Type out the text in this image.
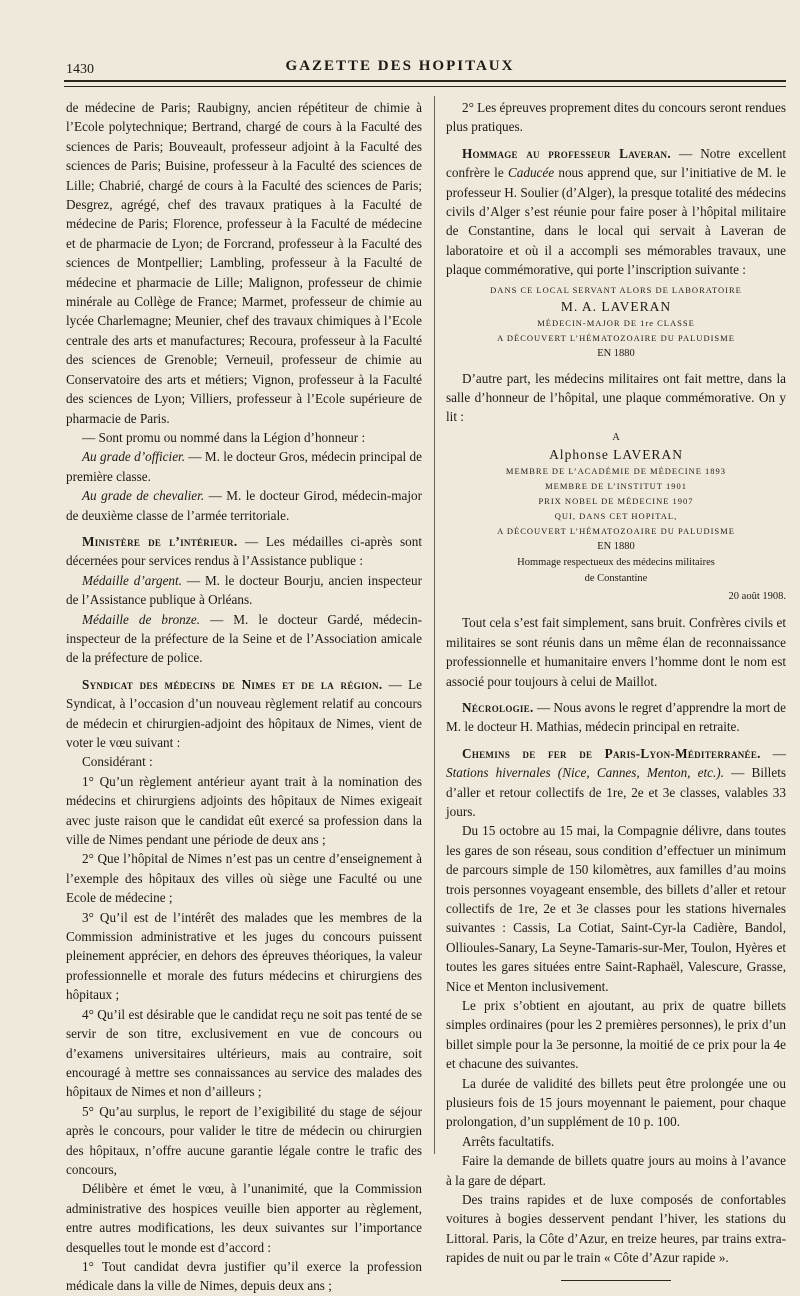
1430	GAZETTE DES HOPITAUX

de médecine de Paris; Raubigny, ancien répétiteur de chimie à l’Ecole polytechnique; Bertrand, chargé de cours à la Faculté des sciences de Paris; Bouveault, professeur adjoint à la Faculté des sciences de Paris; Buisine, professeur à la Faculté des sciences de Lille; Chabrié, chargé de cours à la Faculté des sciences de Paris; Desgrez, agrégé, chef des travaux pratiques à la Faculté de médecine de Paris; Florence, professeur à la Faculté de médecine et de pharmacie de Lyon; de Forcrand, professeur à la Faculté des sciences de Montpellier; Lambling, professeur à la Faculté de médecine et pharmacie de Lille; Malignon, professeur de chimie minérale au Collège de France; Marmet, professeur de chimie au lycée Charlemagne; Meunier, chef des travaux chimiques à l’Ecole centrale des arts et manufactures; Recoura, professeur à la Faculté des sciences de Grenoble; Verneuil, professeur de chimie au Conservatoire des arts et métiers; Vignon, professeur à la Faculté des sciences de Lyon; Villiers, professeur à l’Ecole supérieure de pharmacie de Paris.

— Sont promu ou nommé dans la Légion d’honneur :

Au grade d’officier. — M. le docteur Gros, médecin principal de première classe.

Au grade de chevalier. — M. le docteur Girod, médecin-major de deuxième classe de l’armée territoriale.

Ministère de l’intérieur. — Les médailles ci-après sont décernées pour services rendus à l’Assistance publique :

Médaille d’argent. — M. le docteur Bourju, ancien inspecteur de l’Assistance publique à Orléans.

Médaille de bronze. — M. le docteur Gardé, médecin-inspecteur de la préfecture de la Seine et de l’Association amicale de la préfecture de police.

Syndicat des médecins de Nimes et de la région. — Le Syndicat, à l’occasion d’un nouveau règlement relatif au concours de médecin et chirurgien-adjoint des hôpitaux de Nimes, vient de voter le vœu suivant :

Considérant :

1° Qu’un règlement antérieur ayant trait à la nomination des médecins et chirurgiens adjoints des hôpitaux de Nimes exigeait avec juste raison que le candidat eût exercé sa profession dans la ville de Nimes pendant une période de deux ans ;

2° Que l’hôpital de Nimes n’est pas un centre d’enseignement à l’exemple des hôpitaux des villes où siège une Faculté ou une Ecole de médecine ;

3° Qu’il est de l’intérêt des malades que les membres de la Commission administrative et les juges du concours puissent pleinement apprécier, en dehors des épreuves théoriques, la valeur professionnelle et morale des futurs médecins et chirurgiens des hôpitaux ;

4° Qu’il est désirable que le candidat reçu ne soit pas tenté de se servir de son titre, exclusivement en vue de concours ou d’examens universitaires ultérieurs, mais au contraire, soit encouragé à mettre ses connaissances au service des malades des hôpitaux de Nimes et non d’ailleurs ;

5° Qu’au surplus, le report de l’exigibilité du stage de séjour après le concours, pour valider le titre de médecin ou chirurgien des hôpitaux, n’offre aucune garantie légale contre le trafic des concours,

Délibère et émet le vœu, à l’unanimité, que la Commission administrative des hospices veuille bien apporter au règlement, entre autres modifications, les deux suivantes sur l’importance desquelles tout le monde est d’accord :

1° Tout candidat devra justifier qu’il exerce la profession médicale dans la ville de Nimes, depuis deux ans ;

2° Les épreuves proprement dites du concours seront rendues plus pratiques.

Hommage au professeur Laveran. — Notre excellent confrère le Caducée nous apprend que, sur l’initiative de M. le professeur H. Soulier (d’Alger), la presque totalité des médecins civils d’Alger s’est réunie pour faire poser à l’hôpital militaire de Constantine, dans le local qui servait à Laveran de laboratoire et où il a accompli ses mémorables travaux, une plaque commémorative, qui porte l’inscription suivante :

DANS CE LOCAL SERVANT ALORS DE LABORATOIRE

M. A. LAVERAN

MÉDECIN-MAJOR DE 1re CLASSE

A DÉCOUVERT L’HÉMATOZOAIRE DU PALUDISME

EN 1880

D’autre part, les médecins militaires ont fait mettre, dans la salle d’honneur de l’hôpital, une plaque commémorative. On y lit :

A

Alphonse LAVERAN

MEMBRE DE L’ACADÉMIE DE MÉDECINE 1893

MEMBRE DE L’INSTITUT 1901

PRIX NOBEL DE MÉDECINE 1907

QUI, DANS CET HOPITAL,

A DÉCOUVERT L’HÉMATOZOAIRE DU PALUDISME

EN 1880

Hommage respectueux des médecins militaires

de Constantine

20 août 1908.

Tout cela s’est fait simplement, sans bruit. Confrères civils et militaires se sont réunis dans un même élan de reconnaissance professionnelle et humanitaire envers l’homme dont le nom est associé pour toujours à celui de Maillot.

Nécrologie. — Nous avons le regret d’apprendre la mort de M. le docteur H. Mathias, médecin principal en retraite.

Chemins de fer de Paris-Lyon-Méditerranée. — Stations hivernales (Nice, Cannes, Menton, etc.). — Billets d’aller et retour collectifs de 1re, 2e et 3e classes, valables 33 jours.

Du 15 octobre au 15 mai, la Compagnie délivre, dans toutes les gares de son réseau, sous condition d’effectuer un minimum de parcours simple de 150 kilomètres, aux familles d’au moins trois personnes voyageant ensemble, des billets d’aller et retour collectifs de 1re, 2e et 3e classes pour les stations hivernales suivantes : Cassis, La Cotiat, Saint-Cyr-la Cadière, Bandol, Ollioules-Sanary, La Seyne-Tamaris-sur-Mer, Toulon, Hyères et toutes les gares situées entre Saint-Raphaël, Valescure, Grasse, Nice et Menton inclusivement.

Le prix s’obtient en ajoutant, au prix de quatre billets simples ordinaires (pour les 2 premières personnes), le prix d’un billet simple pour la 3e personne, la moitié de ce prix pour la 4e et chacune des suivantes.

La durée de validité des billets peut être prolongée une ou plusieurs fois de 15 jours moyennant le paiement, pour chaque prolongation, d’un supplément de 10 p. 100.

Arrêts facultatifs.

Faire la demande de billets quatre jours au moins à l’avance à la gare de départ.

Des trains rapides et de luxe composés de confortables voitures à bogies desservent pendant l’hiver, les stations du Littoral. Paris, la Côte d’Azur, en treize heures, par trains extra-rapides de nuit ou par le train « Côte d’Azur rapide ».
